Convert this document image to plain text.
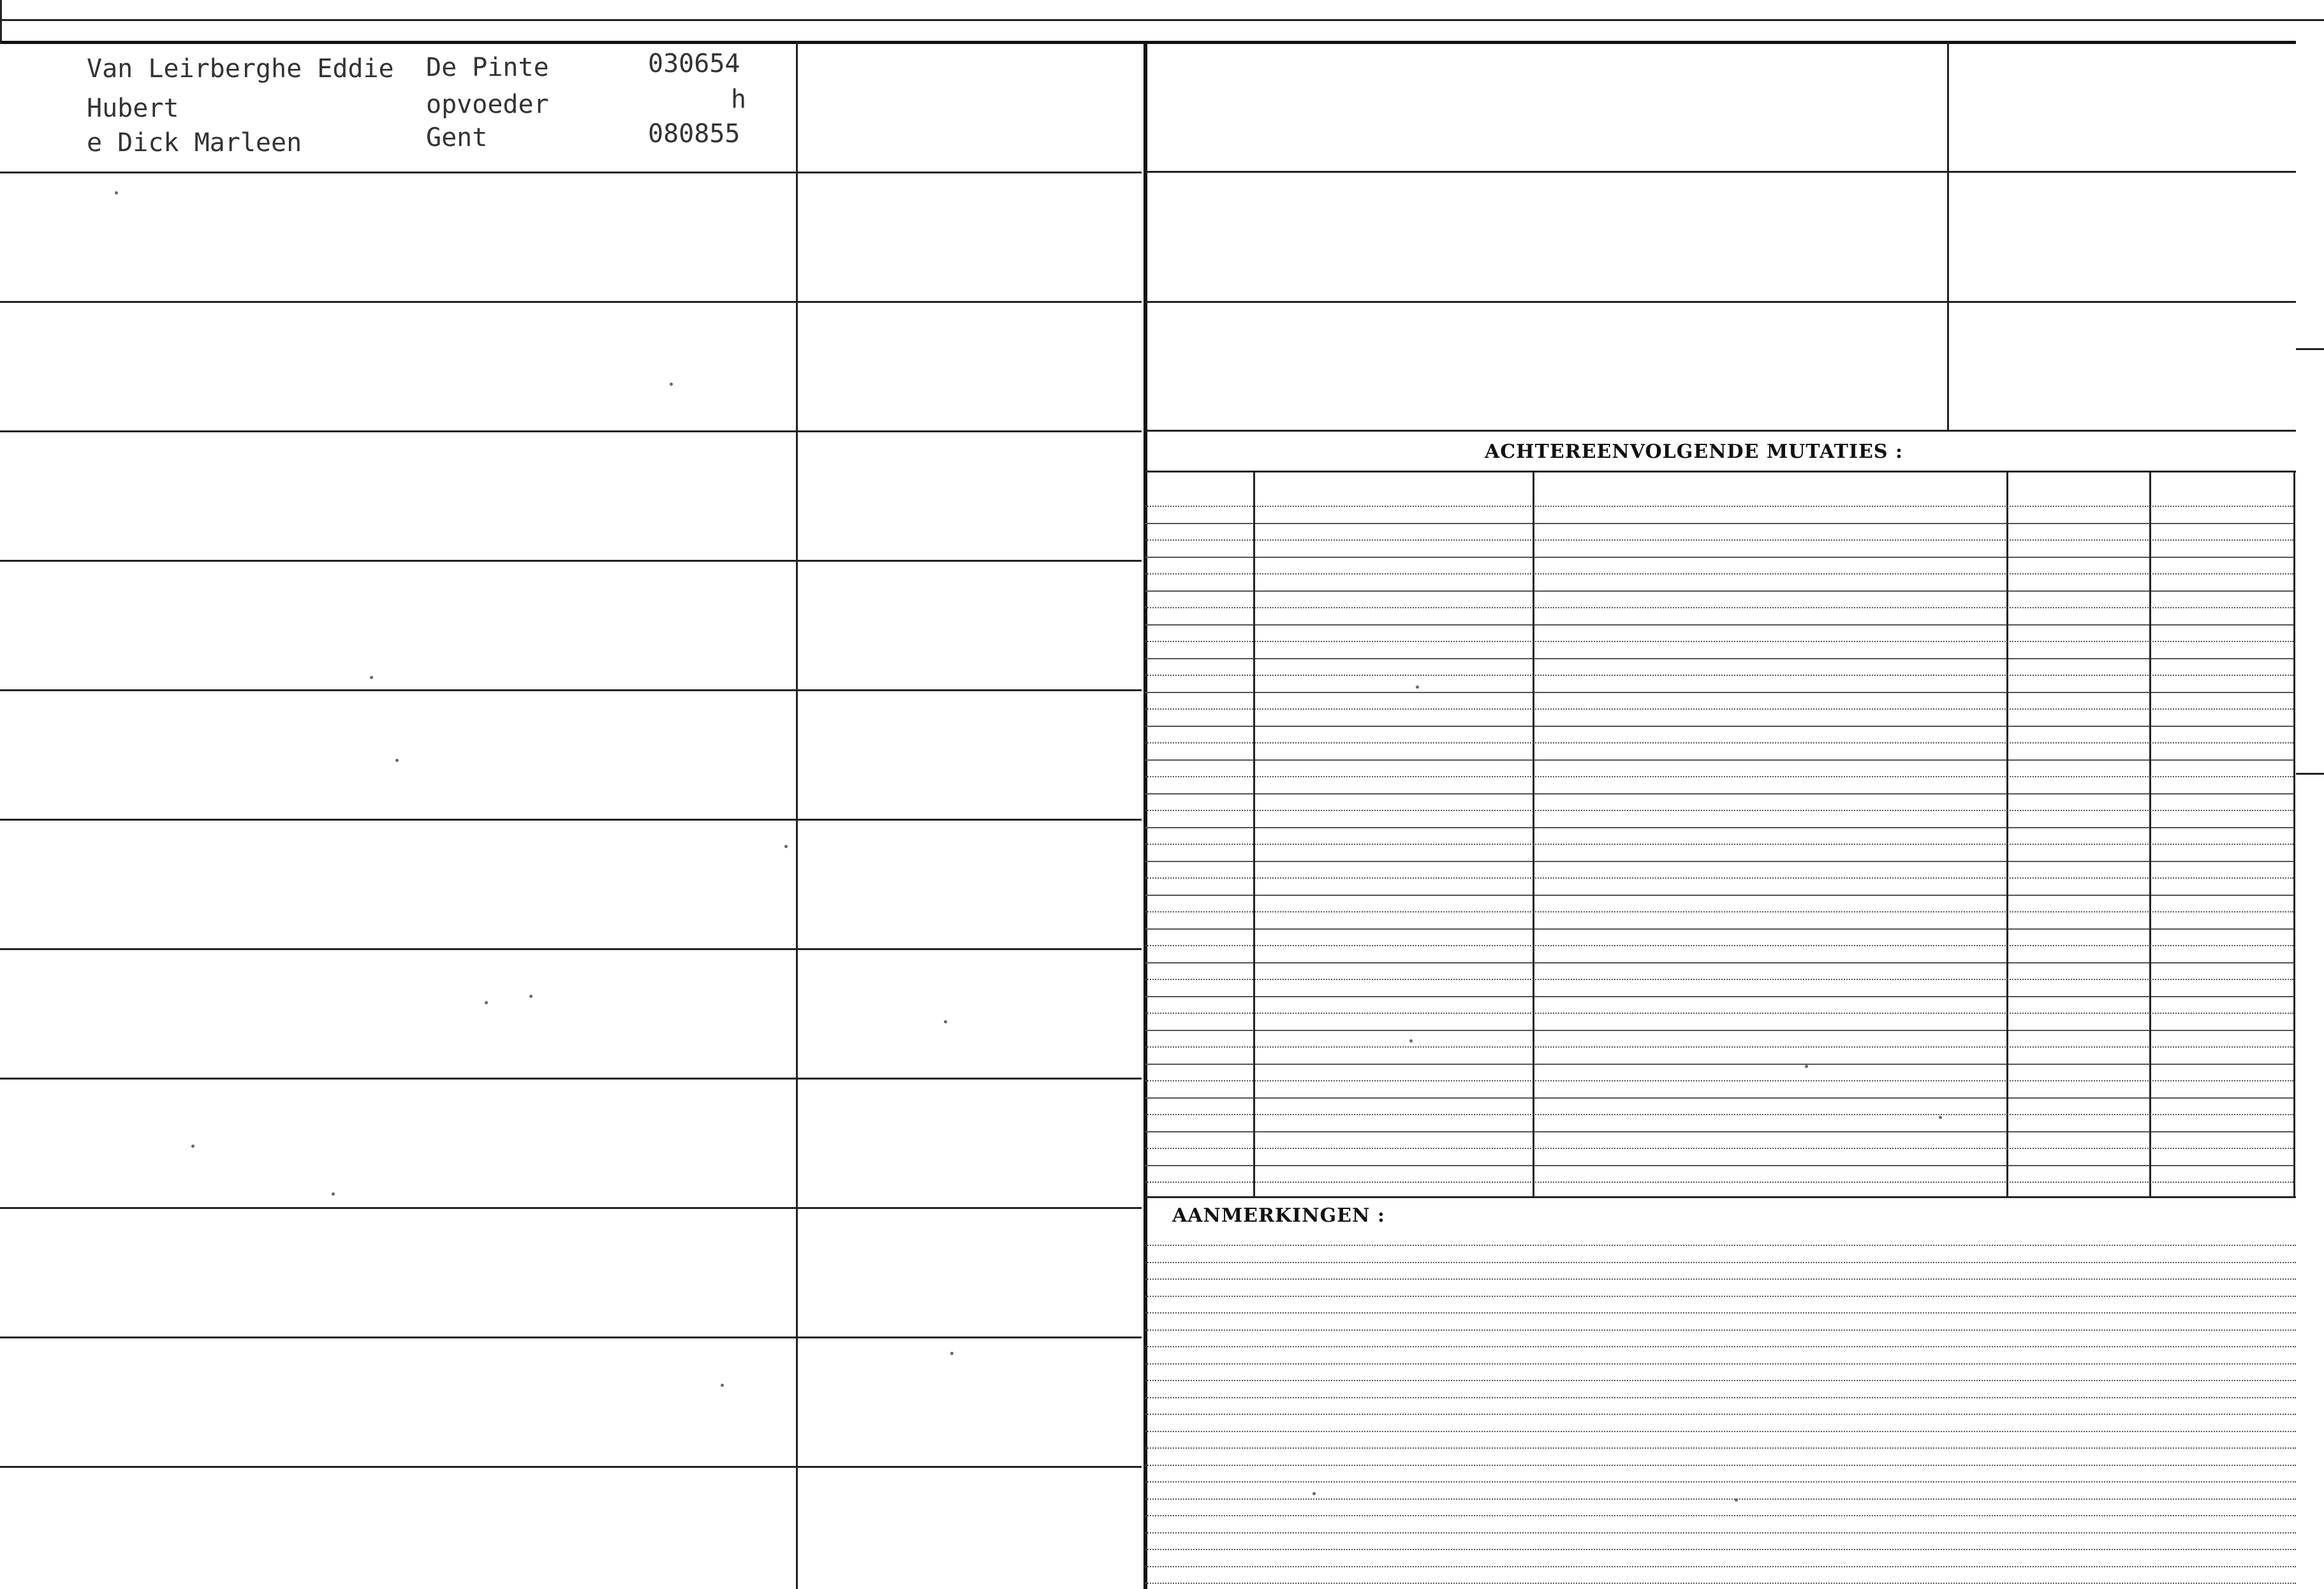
Van Leirberghe Eddie
Hubert
e Dick Marleen
De Pinte
opvoeder
Gent
030654
h
080855
ACHTEREENVOLGENDE MUTATIES :
AANMERKINGEN :
